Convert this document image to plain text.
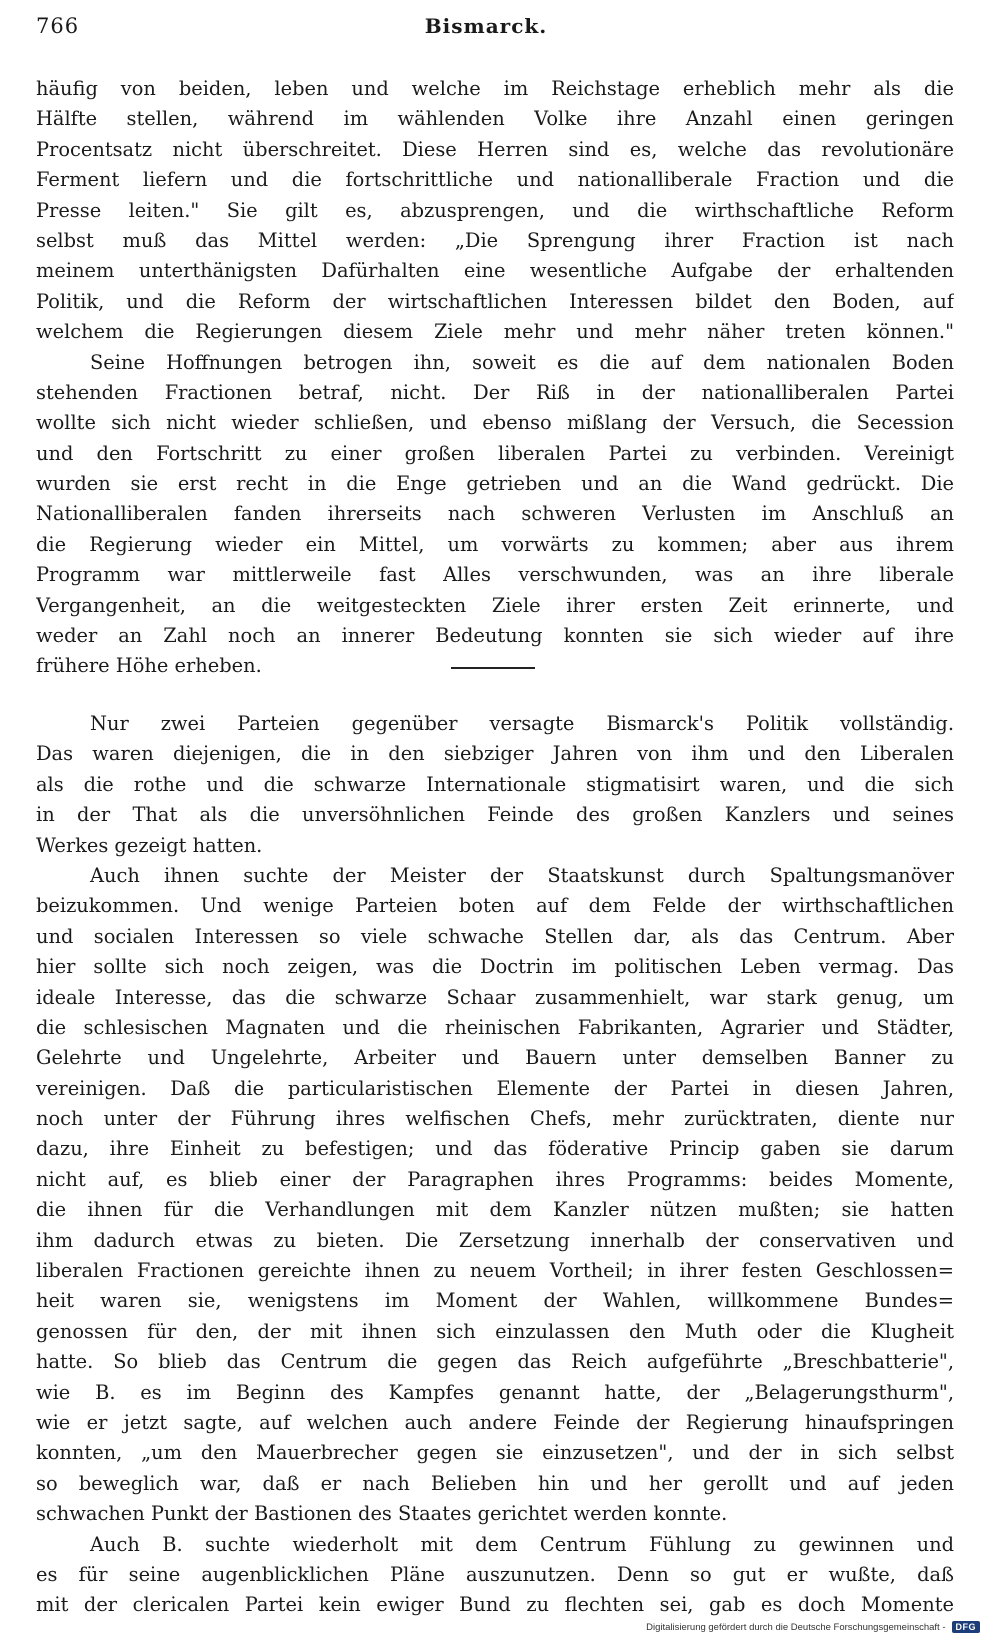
766	Bismarck.
häufig von beiden, leben und welche im Reichstage erheblich mehr als die
Hälfte stellen, während im wählenden Volke ihre Anzahl einen geringen
Procentsatz nicht überschreitet. Diese Herren sind es, welche das revolutionäre
Ferment liefern und die fortschrittliche und nationalliberale Fraction und die
Presse leiten." Sie gilt es, abzusprengen, und die wirthschaftliche Reform
selbst muß das Mittel werden: „Die Sprengung ihrer Fraction ist nach
meinem unterthänigsten Dafürhalten eine wesentliche Aufgabe der erhaltenden
Politik, und die Reform der wirtschaftlichen Interessen bildet den Boden, auf
welchem die Regierungen diesem Ziele mehr und mehr näher treten können."
Seine Hoffnungen betrogen ihn, soweit es die auf dem nationalen Boden
stehenden Fractionen betraf, nicht. Der Riß in der nationalliberalen Partei
wollte sich nicht wieder schließen, und ebenso mißlang der Versuch, die Secession
und den Fortschritt zu einer großen liberalen Partei zu verbinden. Vereinigt
wurden sie erst recht in die Enge getrieben und an die Wand gedrückt. Die
Nationalliberalen fanden ihrerseits nach schweren Verlusten im Anschluß an
die Regierung wieder ein Mittel, um vorwärts zu kommen; aber aus ihrem
Programm war mittlerweile fast Alles verschwunden, was an ihre liberale
Vergangenheit, an die weitgesteckten Ziele ihrer ersten Zeit erinnerte, und
weder an Zahl noch an innerer Bedeutung konnten sie sich wieder auf ihre
frühere Höhe erheben.
Nur zwei Parteien gegenüber versagte Bismarck's Politik vollständig.
Das waren diejenigen, die in den siebziger Jahren von ihm und den Liberalen
als die rothe und die schwarze Internationale stigmatisirt waren, und die sich
in der That als die unversöhnlichen Feinde des großen Kanzlers und seines
Werkes gezeigt hatten.
Auch ihnen suchte der Meister der Staatskunst durch Spaltungsmanöver
beizukommen. Und wenige Parteien boten auf dem Felde der wirthschaftlichen
und socialen Interessen so viele schwache Stellen dar, als das Centrum. Aber
hier sollte sich noch zeigen, was die Doctrin im politischen Leben vermag. Das
ideale Interesse, das die schwarze Schaar zusammenhielt, war stark genug, um
die schlesischen Magnaten und die rheinischen Fabrikanten, Agrarier und Städter,
Gelehrte und Ungelehrte, Arbeiter und Bauern unter demselben Banner zu
vereinigen. Daß die particularistischen Elemente der Partei in diesen Jahren,
noch unter der Führung ihres welfischen Chefs, mehr zurücktraten, diente nur
dazu, ihre Einheit zu befestigen; und das föderative Princip gaben sie darum
nicht auf, es blieb einer der Paragraphen ihres Programms: beides Momente,
die ihnen für die Verhandlungen mit dem Kanzler nützen mußten; sie hatten
ihm dadurch etwas zu bieten. Die Zersetzung innerhalb der conservativen und
liberalen Fractionen gereichte ihnen zu neuem Vortheil; in ihrer festen Geschlossen=
heit waren sie, wenigstens im Moment der Wahlen, willkommene Bundes=
genossen für den, der mit ihnen sich einzulassen den Muth oder die Klugheit
hatte. So blieb das Centrum die gegen das Reich aufgeführte „Breschbatterie",
wie B. es im Beginn des Kampfes genannt hatte, der „Belagerungsthurm",
wie er jetzt sagte, auf welchen auch andere Feinde der Regierung hinaufspringen
konnten, „um den Mauerbrecher gegen sie einzusetzen", und der in sich selbst
so beweglich war, daß er nach Belieben hin und her gerollt und auf jeden
schwachen Punkt der Bastionen des Staates gerichtet werden konnte.
Auch B. suchte wiederholt mit dem Centrum Fühlung zu gewinnen und
es für seine augenblicklichen Pläne auszunutzen. Denn so gut er wußte, daß
mit der clericalen Partei kein ewiger Bund zu flechten sei, gab es doch Momente
Digitalisierung gefördert durch die Deutsche Forschungsgemeinschaft -	DFG
